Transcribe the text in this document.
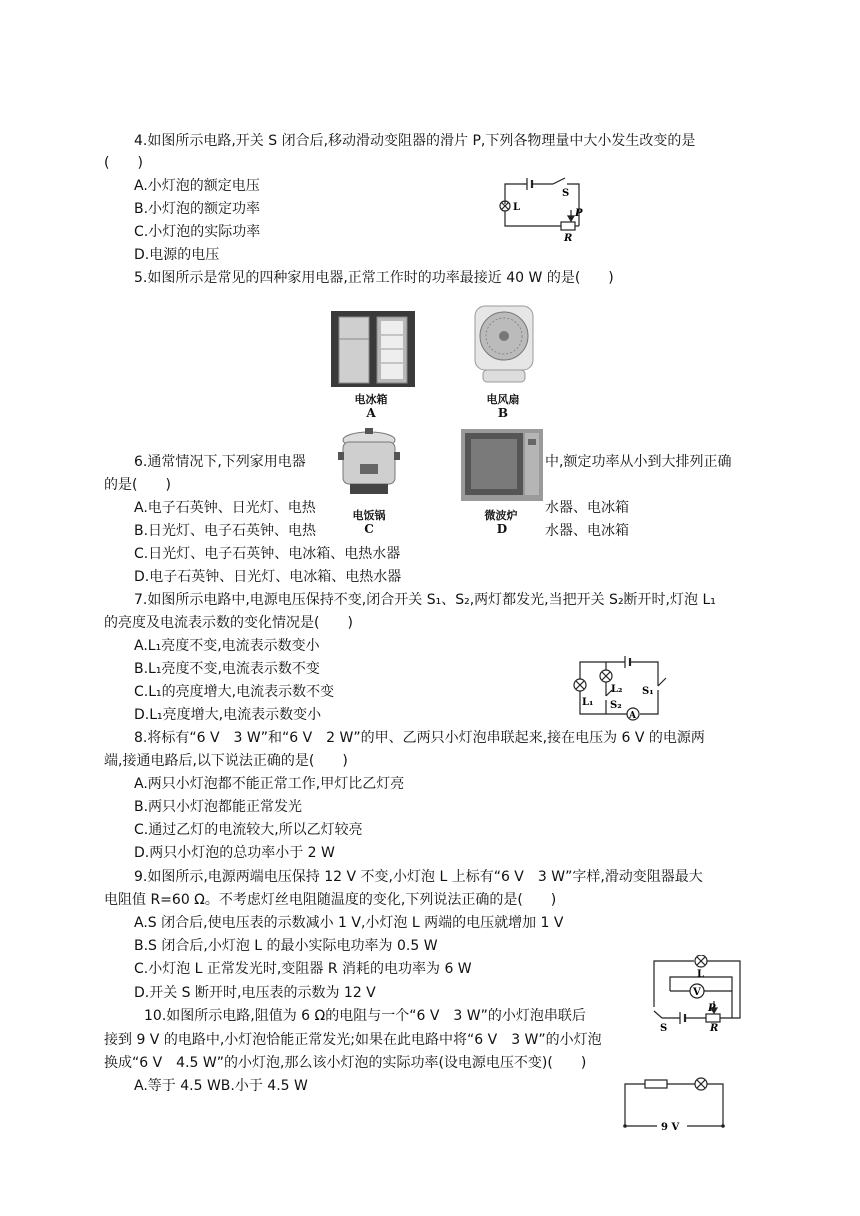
4.如图所示电路,开关 S 闭合后,移动滑动变阻器的滑片 P,下列各物理量中大小发生改变的是
(　　)
A.小灯泡的额定电压
B.小灯泡的额定功率
C.小灯泡的实际功率
D.电源的电压
S
L
P
R
5.如图所示是常见的四种家用电器,正常工作时的功率最接近 40 W 的是(　　)
电冰箱
A
电风扇
B
电饭锅
C
微波炉
D
6.通常情况下,下列家用电器	中,额定功率从小到大排列正确
的是(　　)
A.电子石英钟、日光灯、电热	水器、电冰箱
B.日光灯、电子石英钟、电热	水器、电冰箱
C.日光灯、电子石英钟、电冰箱、电热水器
D.电子石英钟、日光灯、电冰箱、电热水器
7.如图所示电路中,电源电压保持不变,闭合开关 S₁、S₂,两灯都发光,当把开关 S₂断开时,灯泡 L₁
的亮度及电流表示数的变化情况是(　　)
A.L₁亮度不变,电流表示数变小
B.L₁亮度不变,电流表示数不变
C.L₁的亮度增大,电流表示数不变
D.L₁亮度增大,电流表示数变小	A
L₁
L₂
S₂
S₁
8.将标有“6 V　3 W”和“6 V　2 W”的甲、乙两只小灯泡串联起来,接在电压为 6 V 的电源两
端,接通电路后,以下说法正确的是(　　)
A.两只小灯泡都不能正常工作,甲灯比乙灯亮
B.两只小灯泡都能正常发光
C.通过乙灯的电流较大,所以乙灯较亮
D.两只小灯泡的总功率小于 2 W
9.如图所示,电源两端电压保持 12 V 不变,小灯泡 L 上标有“6 V　3 W”字样,滑动变阻器最大
电阻值 R=60 Ω。不考虑灯丝电阻随温度的变化,下列说法正确的是(　　)
A.S 闭合后,使电压表的示数减小 1 V,小灯泡 L 两端的电压就增加 1 V
B.S 闭合后,小灯泡 L 的最小实际电功率为 0.5 W
C.小灯泡 L 正常发光时,变阻器 R 消耗的电功率为 6 W
D.开关 S 断开时,电压表的示数为 12 V
L
V
P
R
S
10.如图所示电路,阻值为 6 Ω的电阻与一个“6 V　3 W”的小灯泡串联后
接到 9 V 的电路中,小灯泡恰能正常发光;如果在此电路中将“6 V　3 W”的小灯泡
换成“6 V　4.5 W”的小灯泡,那么该小灯泡的实际功率(设电源电压不变)(　　)
A.等于 4.5 WB.小于 4.5 W
9 V
